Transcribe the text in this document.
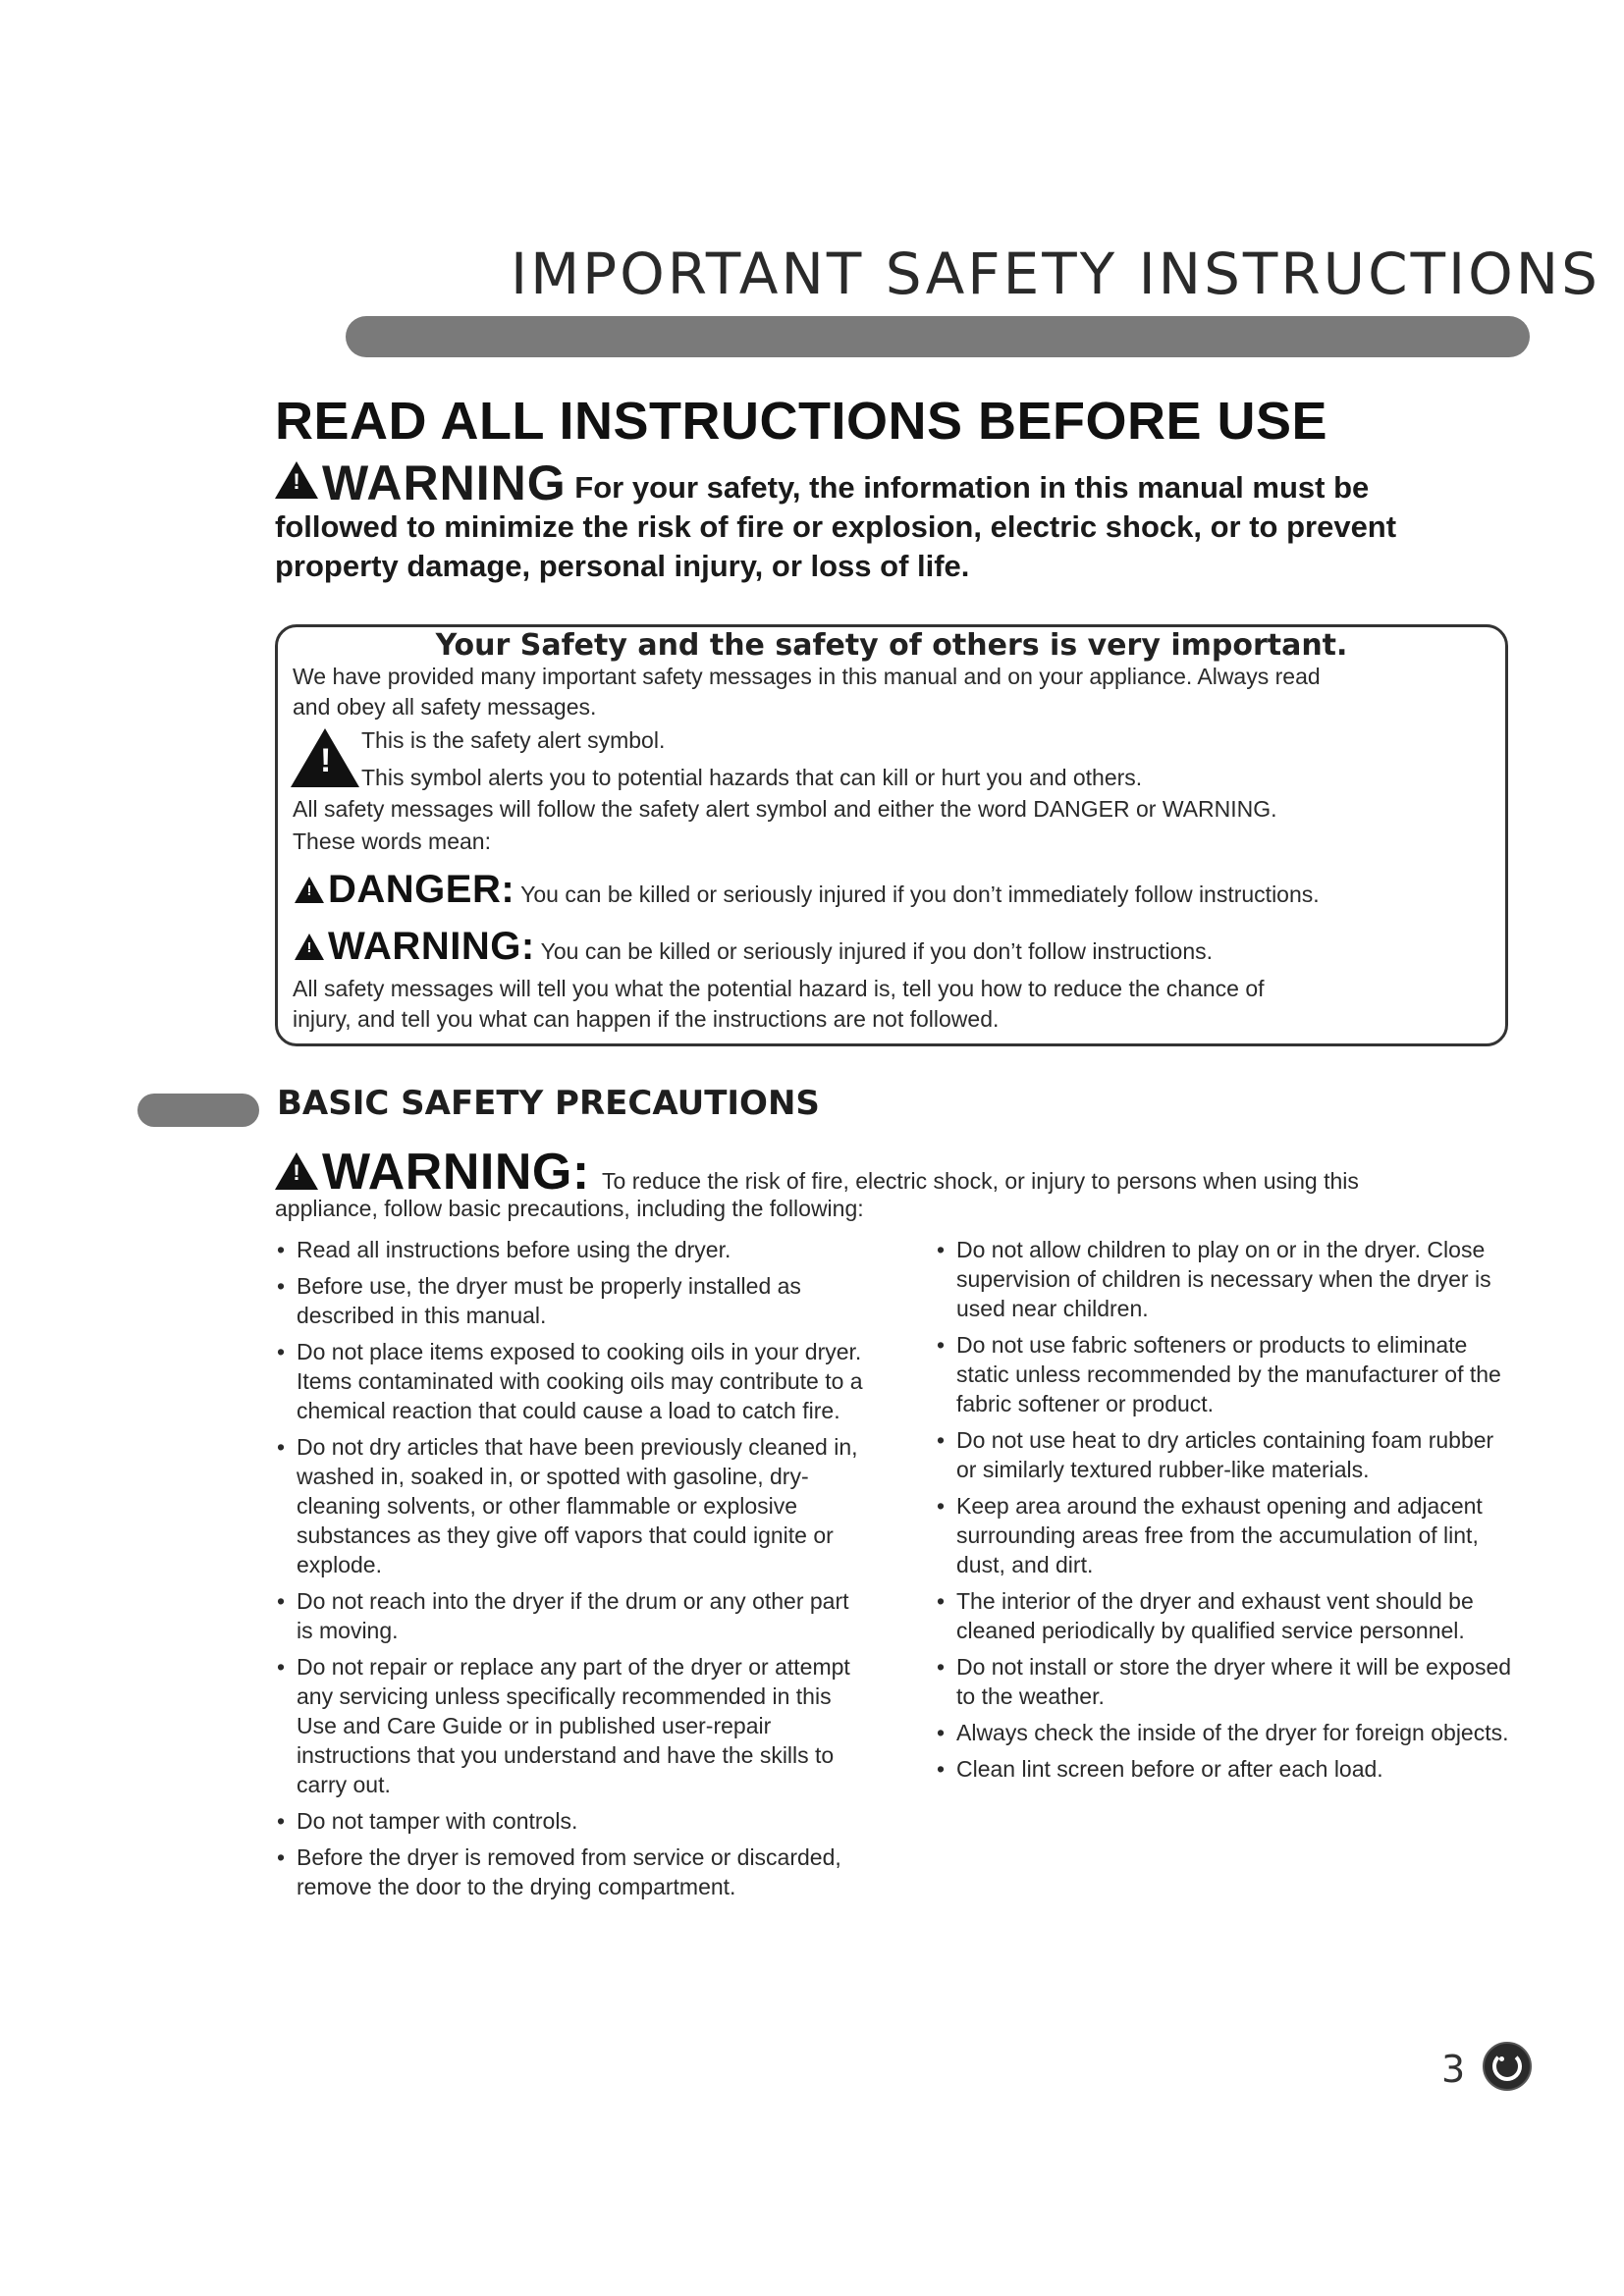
IMPORTANT SAFETY INSTRUCTIONS
READ ALL INSTRUCTIONS BEFORE USE
! WARNING For your safety, the information in this manual must be followed to minimize the risk of fire or explosion, electric shock, or to prevent property damage, personal injury, or loss of life.
Your Safety and the safety of others is very important.
We have provided many important safety messages in this manual and on your appliance. Always read
and obey all safety messages.
!
This is the safety alert symbol.
This symbol alerts you to potential hazards that can kill or hurt you and others.
All safety messages will follow the safety alert symbol and either the word DANGER or WARNING.
These words mean:
! DANGER: You can be killed or seriously injured if you don’t immediately follow instructions.
! WARNING: You can be killed or seriously injured if you don’t follow instructions.
All safety messages will tell you what the potential hazard is, tell you how to reduce the chance of
injury, and tell you what can happen if the instructions are not followed.
BASIC SAFETY PRECAUTIONS
! WARNING: To reduce the risk of fire, electric shock, or injury to persons when using this
appliance, follow basic precautions, including the following:
• Read all instructions before using the dryer.
• Before use, the dryer must be properly installed as described in this manual.
• Do not place items exposed to cooking oils in your dryer. Items contaminated with cooking oils may contribute to a chemical reaction that could cause a load to catch fire.
• Do not dry articles that have been previously cleaned in, washed in, soaked in, or spotted with gasoline, dry-cleaning solvents, or other flammable or explosive substances as they give off vapors that could ignite or explode.
• Do not reach into the dryer if the drum or any other part is moving.
• Do not repair or replace any part of the dryer or attempt any servicing unless specifically recommended in this Use and Care Guide or in published user-repair instructions that you understand and have the skills to carry out.
• Do not tamper with controls.
• Before the dryer is removed from service or discarded, remove the door to the drying compartment.
• Do not allow children to play on or in the dryer. Close supervision of children is necessary when the dryer is used near children.
• Do not use fabric softeners or products to eliminate static unless recommended by the manufacturer of the fabric softener or product.
• Do not use heat to dry articles containing foam rubber or similarly textured rubber-like materials.
• Keep area around the exhaust opening and adjacent surrounding areas free from the accumulation of lint, dust, and dirt.
• The interior of the dryer and exhaust vent should be cleaned periodically by qualified service personnel.
• Do not install or store the dryer where it will be exposed to the weather.
• Always check the inside of the dryer for foreign objects.
• Clean lint screen before or after each load.
3
